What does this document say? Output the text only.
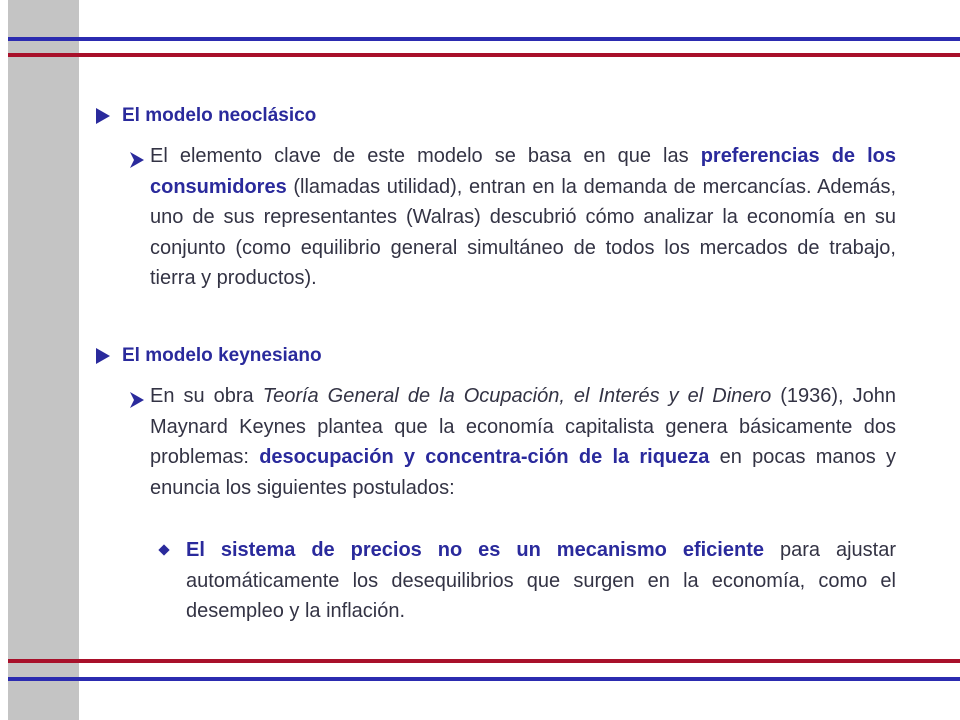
El modelo neoclásico
El elemento clave de este modelo se basa en que las preferencias de los consumidores (llamadas utilidad), entran en la demanda de mercancías. Además, uno de sus representantes (Walras) descubrió cómo analizar la economía en su conjunto (como equilibrio general simultáneo de todos los mercados de trabajo, tierra y productos).
El modelo keynesiano
En su obra Teoría General de la Ocupación, el Interés y el Dinero (1936), John Maynard Keynes plantea que la economía capitalista genera básicamente dos problemas: desocupación y concentra-ción de la riqueza en pocas manos y enuncia los siguientes postulados:
El sistema de precios no es un mecanismo eficiente para ajustar automáticamente los desequilibrios que surgen en la economía, como el desempleo y la inflación.
